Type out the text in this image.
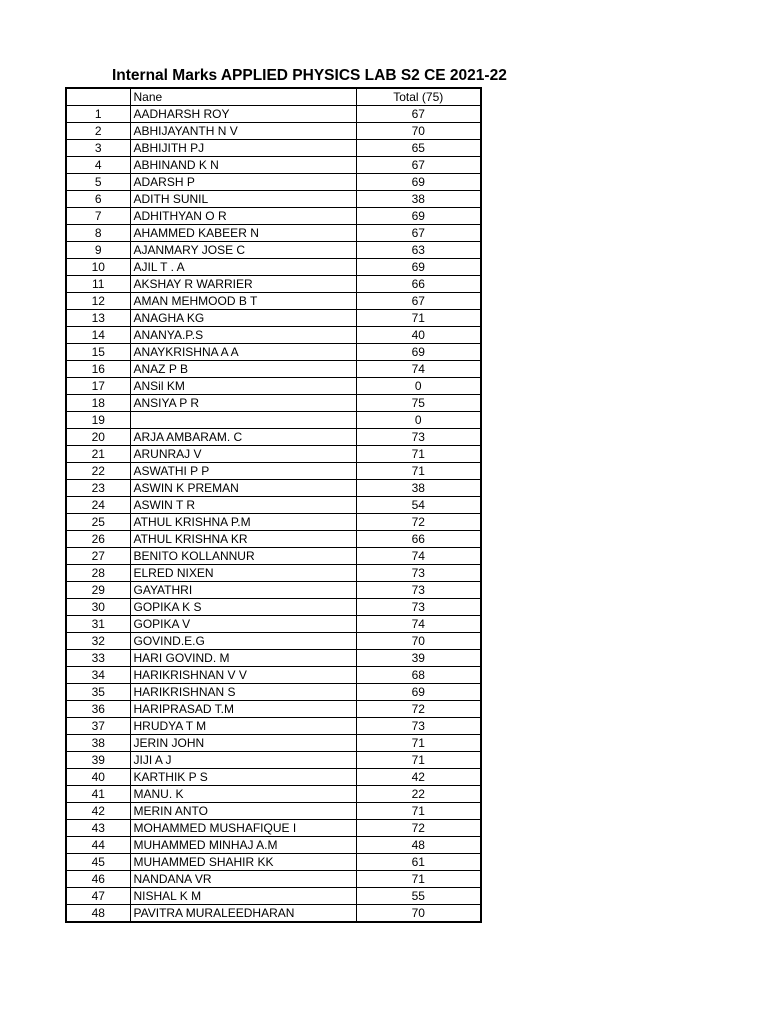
Internal Marks APPLIED PHYSICS LAB S2 CE 2021-22
	Nane	Total (75)
1	AADHARSH ROY	67
2	ABHIJAYANTH N V	70
3	ABHIJITH PJ	65
4	ABHINAND K N	67
5	ADARSH P	69
6	ADITH SUNIL	38
7	ADHITHYAN O R	69
8	AHAMMED KABEER N	67
9	AJANMARY JOSE C	63
10	AJIL T . A	69
11	AKSHAY R WARRIER	66
12	AMAN MEHMOOD B T	67
13	ANAGHA KG	71
14	ANANYA.P.S	40
15	ANAYKRISHNA A A	69
16	ANAZ P B	74
17	ANSil KM	0
18	ANSIYA P R	75
19		0
20	ARJA AMBARAM. C	73
21	ARUNRAJ V	71
22	ASWATHI P P	71
23	ASWIN K PREMAN	38
24	ASWIN T R	54
25	ATHUL KRISHNA P.M	72
26	ATHUL KRISHNA KR	66
27	BENITO KOLLANNUR	74
28	ELRED NIXEN	73
29	GAYATHRI	73
30	GOPIKA K S	73
31	GOPIKA V	74
32	GOVIND.E.G	70
33	HARI GOVIND. M	39
34	HARIKRISHNAN V V	68
35	HARIKRISHNAN S	69
36	HARIPRASAD T.M	72
37	HRUDYA T M	73
38	JERIN JOHN	71
39	JIJI A J	71
40	KARTHIK P S	42
41	MANU. K	22
42	MERIN ANTO	71
43	MOHAMMED MUSHAFIQUE I	72
44	MUHAMMED MINHAJ A.M	48
45	MUHAMMED SHAHIR KK	61
46	NANDANA VR	71
47	NISHAL K M	55
48	PAVITRA MURALEEDHARAN	70
